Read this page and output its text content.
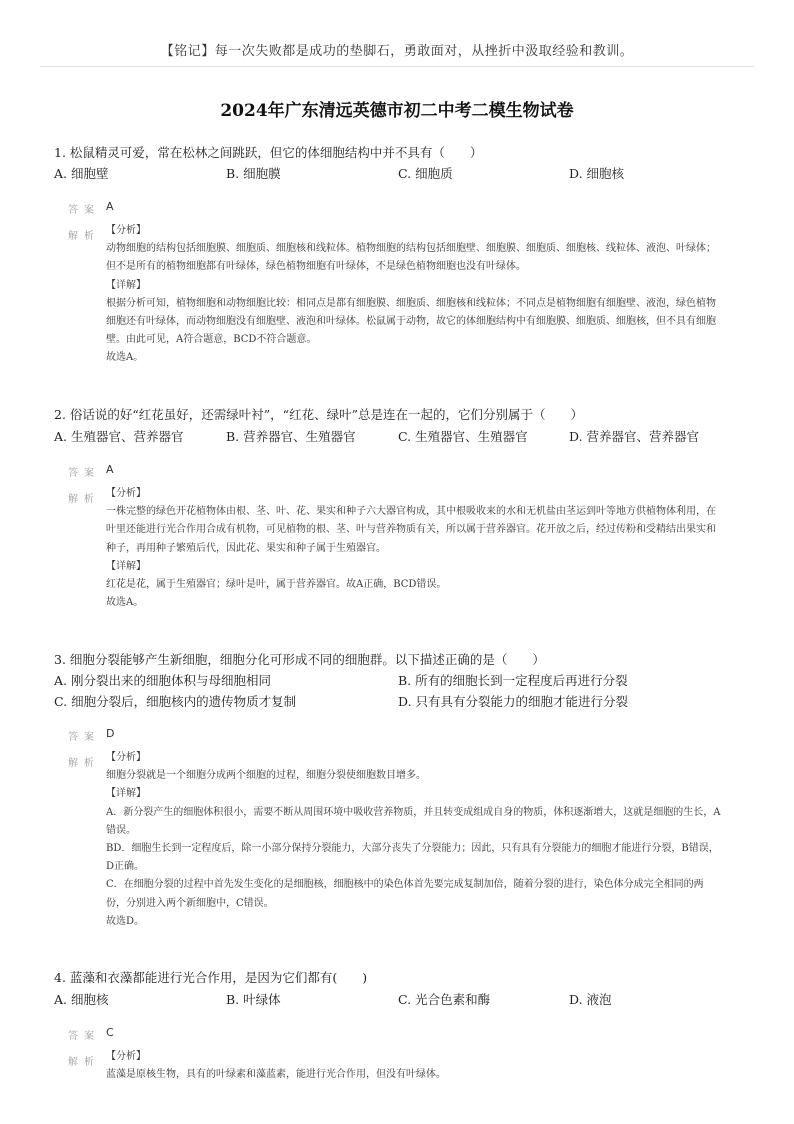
【铭记】每一次失败都是成功的垫脚石，勇敢面对，从挫折中汲取经验和教训。
2024年广东清远英德市初二中考二模生物试卷
1. 松鼠精灵可爱，常在松林之间跳跃，但它的体细胞结构中并不具有（　　）
A. 细胞壁	B. 细胞膜	C. 细胞质	D. 细胞核
答案 A
解析

【分析】

动物细胞的结构包括细胞膜、细胞质、细胞核和线粒体。植物细胞的结构包括细胞壁、细胞膜、细胞质、细胞核、线粒体、液泡、叶绿体；但不是所有的植物细胞都有叶绿体，绿色植物细胞有叶绿体，不是绿色植物细胞也没有叶绿体。

【详解】

根据分析可知，植物细胞和动物细胞比较：相同点是都有细胞膜、细胞质、细胞核和线粒体；不同点是植物细胞有细胞壁、液泡，绿色植物细胞还有叶绿体，而动物细胞没有细胞壁、液泡和叶绿体。松鼠属于动物，故它的体细胞结构中有细胞膜、细胞质、细胞核，但不具有细胞壁。由此可见，A符合题意，BCD不符合题意。

故选A。

2. 俗话说的好“红花虽好，还需绿叶衬”，“红花、绿叶”总是连在一起的，它们分别属于（　　）
A. 生殖器官、营养器官	B. 营养器官、生殖器官	C. 生殖器官、生殖器官	D. 营养器官、营养器官
答案 A
解析

【分析】

一株完整的绿色开花植物体由根、茎、叶、花、果实和种子六大器官构成，其中根吸收来的水和无机盐由茎运到叶等地方供植物体利用，在叶里还能进行光合作用合成有机物，可见植物的根、茎、叶与营养物质有关，所以属于营养器官。花开放之后，经过传粉和受精结出果实和种子，再用种子繁殖后代，因此花、果实和种子属于生殖器官。

【详解】

红花是花，属于生殖器官；绿叶是叶，属于营养器官。故A正确，BCD错误。

故选A。

3. 细胞分裂能够产生新细胞，细胞分化可形成不同的细胞群。以下描述正确的是（　　）
A. 刚分裂出来的细胞体积与母细胞相同	B. 所有的细胞长到一定程度后再进行分裂
C. 细胞分裂后，细胞核内的遗传物质才复制	D. 只有具有分裂能力的细胞才能进行分裂
答案 D
解析

【分析】

细胞分裂就是一个细胞分成两个细胞的过程，细胞分裂使细胞数目增多。

【详解】

A．新分裂产生的细胞体积很小，需要不断从周围环境中吸收营养物质，并且转变成组成自身的物质，体积逐渐增大，这就是细胞的生长，A错误。

BD．细胞生长到一定程度后，除一小部分保持分裂能力，大部分丧失了分裂能力；因此，只有具有分裂能力的细胞才能进行分裂，B错误，D正确。

C．在细胞分裂的过程中首先发生变化的是细胞核，细胞核中的染色体首先要完成复制加倍，随着分裂的进行，染色体分成完全相同的两份，分别进入两个新细胞中，C错误。

故选D。

4. 蓝藻和衣藻都能进行光合作用，是因为它们都有(　　)
A. 细胞核	B. 叶绿体	C. 光合色素和酶	D. 液泡
答案 C
解析

【分析】

蓝藻是原核生物，具有的叶绿素和藻蓝素，能进行光合作用，但没有叶绿体。
